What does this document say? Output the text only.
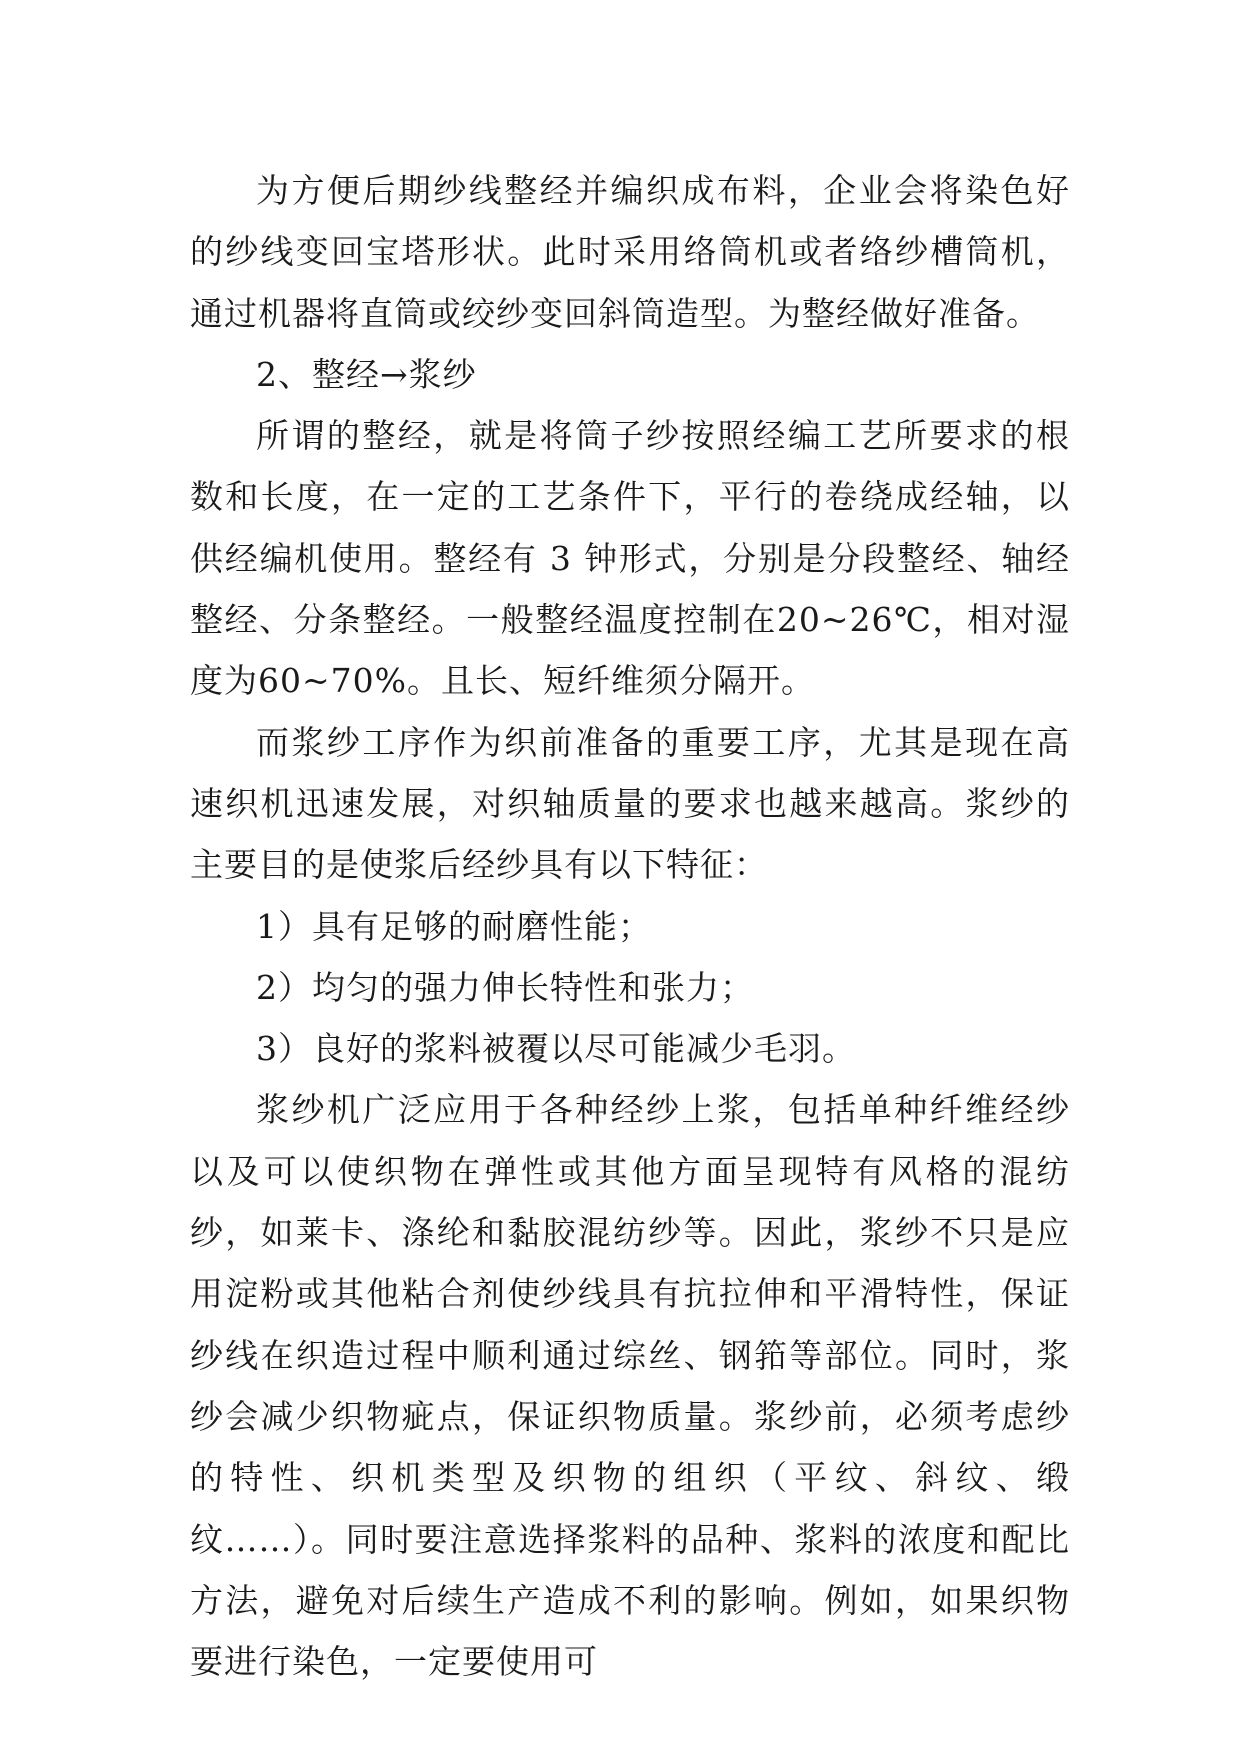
为方便后期纱线整经并编织成布料，企业会将染色好的纱线变回宝塔形状。此时采用络筒机或者络纱槽筒机，通过机器将直筒或绞纱变回斜筒造型。为整经做好准备。

2、整经→浆纱

所谓的整经，就是将筒子纱按照经编工艺所要求的根数和长度，在一定的工艺条件下，平行的卷绕成经轴，以供经编机使用。整经有 3 钟形式，分别是分段整经、轴经整经、分条整经。一般整经温度控制在20~26℃，相对湿度为60~70%。且长、短纤维须分隔开。

而浆纱工序作为织前准备的重要工序，尤其是现在高速织机迅速发展，对织轴质量的要求也越来越高。浆纱的主要目的是使浆后经纱具有以下特征：

1）具有足够的耐磨性能；

2）均匀的强力伸长特性和张力；

3）良好的浆料被覆以尽可能减少毛羽。

浆纱机广泛应用于各种经纱上浆，包括单种纤维经纱以及可以使织物在弹性或其他方面呈现特有风格的混纺纱，如莱卡、涤纶和黏胶混纺纱等。因此，浆纱不只是应用淀粉或其他粘合剂使纱线具有抗拉伸和平滑特性，保证纱线在织造过程中顺利通过综丝、钢筘等部位。同时，浆纱会减少织物疵点，保证织物质量。浆纱前，必须考虑纱的特性、织机类型及织物的组织（平纹、斜纹、缎纹……）。同时要注意选择浆料的品种、浆料的浓度和配比方法，避免对后续生产造成不利的影响。例如，如果织物要进行染色，一定要使用可
